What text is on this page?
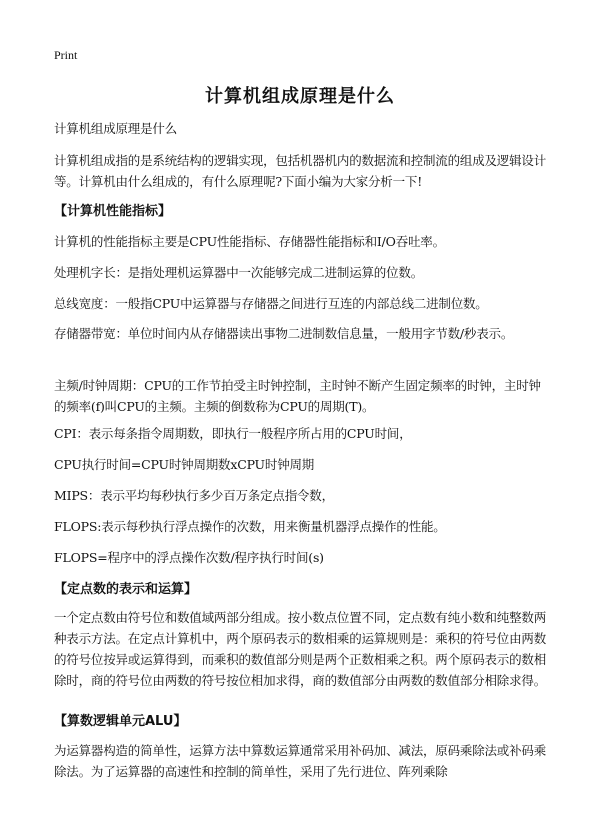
Print
计算机组成原理是什么
计算机组成原理是什么
计算机组成指的是系统结构的逻辑实现，包括机器机内的数据流和控制流的组成及逻辑设计等。计算机由什么组成的，有什么原理呢?下面小编为大家分析一下!
【计算机性能指标】
计算机的性能指标主要是CPU性能指标、存储器性能指标和I/O吞吐率。
处理机字长：是指处理机运算器中一次能够完成二进制运算的位数。
总线宽度：一般指CPU中运算器与存储器之间进行互连的内部总线二进制位数。
存储器带宽：单位时间内从存储器读出事物二进制数信息量，一般用字节数/秒表示。
主频/时钟周期：CPU的工作节拍受主时钟控制，主时钟不断产生固定频率的时钟，主时钟的频率(f)叫CPU的主频。主频的倒数称为CPU的周期(T)。
CPI：表示每条指令周期数，即执行一般程序所占用的CPU时间，
CPU执行时间=CPU时钟周期数xCPU时钟周期
MIPS：表示平均每秒执行多少百万条定点指令数，
FLOPS:表示每秒执行浮点操作的次数，用来衡量机器浮点操作的性能。
FLOPS=程序中的浮点操作次数/程序执行时间(s)
【定点数的表示和运算】
一个定点数由符号位和数值域两部分组成。按小数点位置不同，定点数有纯小数和纯整数两种表示方法。在定点计算机中，两个原码表示的数相乘的运算规则是：乘积的符号位由两数的符号位按异或运算得到，而乘积的数值部分则是两个正数相乘之积。两个原码表示的数相除时，商的符号位由两数的符号按位相加求得，商的数值部分由两数的数值部分相除求得。
【算数逻辑单元ALU】
为运算器构造的简单性，运算方法中算数运算通常采用补码加、减法，原码乘除法或补码乘除法。为了运算器的高速性和控制的简单性，采用了先行进位、阵列乘除
